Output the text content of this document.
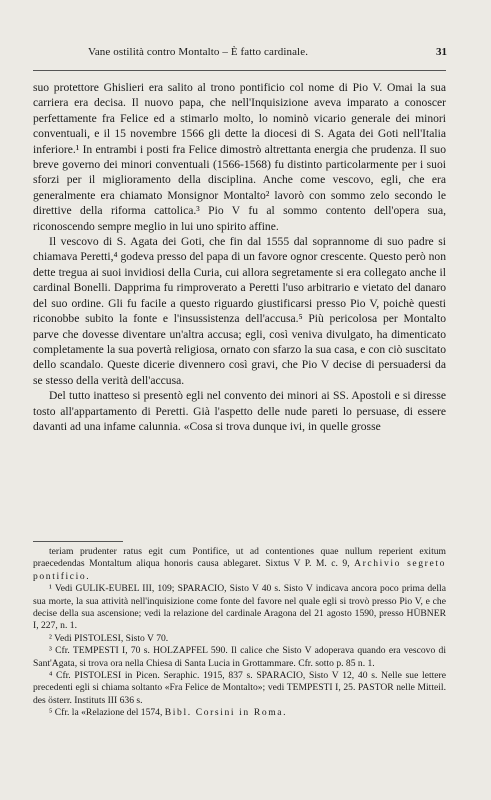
Vane ostilità contro Montalto – È fatto cardinale.	31

suo protettore Ghislieri era salito al trono pontificio col nome di Pio V. Omai la sua carriera era decisa. Il nuovo papa, che nell'Inquisizione aveva imparato a conoscer perfettamente fra Felice ed a stimarlo molto, lo nominò vicario generale dei minori conventuali, e il 15 novembre 1566 gli dette la diocesi di S. Agata dei Goti nell'Italia inferiore.¹ In entrambi i posti fra Felice dimostrò altrettanta energia che prudenza. Il suo breve governo dei minori conventuali (1566-1568) fu distinto particolarmente per i suoi sforzi per il miglioramento della disciplina. Anche come vescovo, egli, che era generalmente era chiamato Monsignor Montalto² lavorò con sommo zelo secondo le direttive della riforma cattolica.³ Pio V fu al sommo contento dell'opera sua, riconoscendo sempre meglio in lui uno spirito affine.

Il vescovo di S. Agata dei Goti, che fin dal 1555 dal soprannome di suo padre si chiamava Peretti,⁴ godeva presso del papa di un favore ognor crescente. Questo però non dette tregua ai suoi invidiosi della Curia, cui allora segretamente si era collegato anche il cardinal Bonelli. Dapprima fu rimproverato a Peretti l'uso arbitrario e vietato del danaro del suo ordine. Gli fu facile a questo riguardo giustificarsi presso Pio V, poichè questi riconobbe subito la fonte e l'insussistenza dell'accusa.⁵ Più pericolosa per Montalto parve che dovesse diventare un'altra accusa; egli, così veniva divulgato, ha dimenticato completamente la sua povertà religiosa, ornato con sfarzo la sua casa, e con ciò suscitato dello scandalo. Queste dicerie divennero così gravi, che Pio V decise di persuadersi da se stesso della verità dell'accusa.

Del tutto inatteso si presentò egli nel convento dei minori ai SS. Apostoli e si diresse tosto all'appartamento di Peretti. Già l'aspetto delle nude pareti lo persuase, di essere davanti ad una infame calunnia. «Cosa si trova dunque ivi, in quelle grosse

teriam prudenter ratus egit cum Pontifice, ut ad contentiones quae nullum reperient exitum praecedendas Montaltum aliqua honoris causa ablegaret. Sixtus V P. M. c. 9, Archivio segreto pontificio.

¹ Vedi GULIK-EUBEL III, 109; SPARACIO, Sisto V 40 s. Sisto V indicava ancora poco prima della sua morte, la sua attività nell'inquisizione come fonte del favore nel quale egli si trovò presso Pio V, e che decise della sua ascensione; vedi la relazione del cardinale Aragona del 21 agosto 1590, presso HÜBNER I, 227, n. 1.

² Vedi PISTOLESI, Sisto V 70.

³ Cfr. TEMPESTI I, 70 s. HOLZAPFEL 590. Il calice che Sisto V adoperava quando era vescovo di Sant'Agata, si trova ora nella Chiesa di Santa Lucia in Grottammare. Cfr. sotto p. 85 n. 1.

⁴ Cfr. PISTOLESI in Picen. Seraphic. 1915, 837 s. SPARACIO, Sisto V 12, 40 s. Nelle sue lettere precedenti egli si chiama soltanto «Fra Felice de Montalto»; vedi TEMPESTI I, 25. PASTOR nelle Mitteil. des österr. Instituts III 636 s.

⁵ Cfr. la «Relazione del 1574, Bibl. Corsini in Roma.
